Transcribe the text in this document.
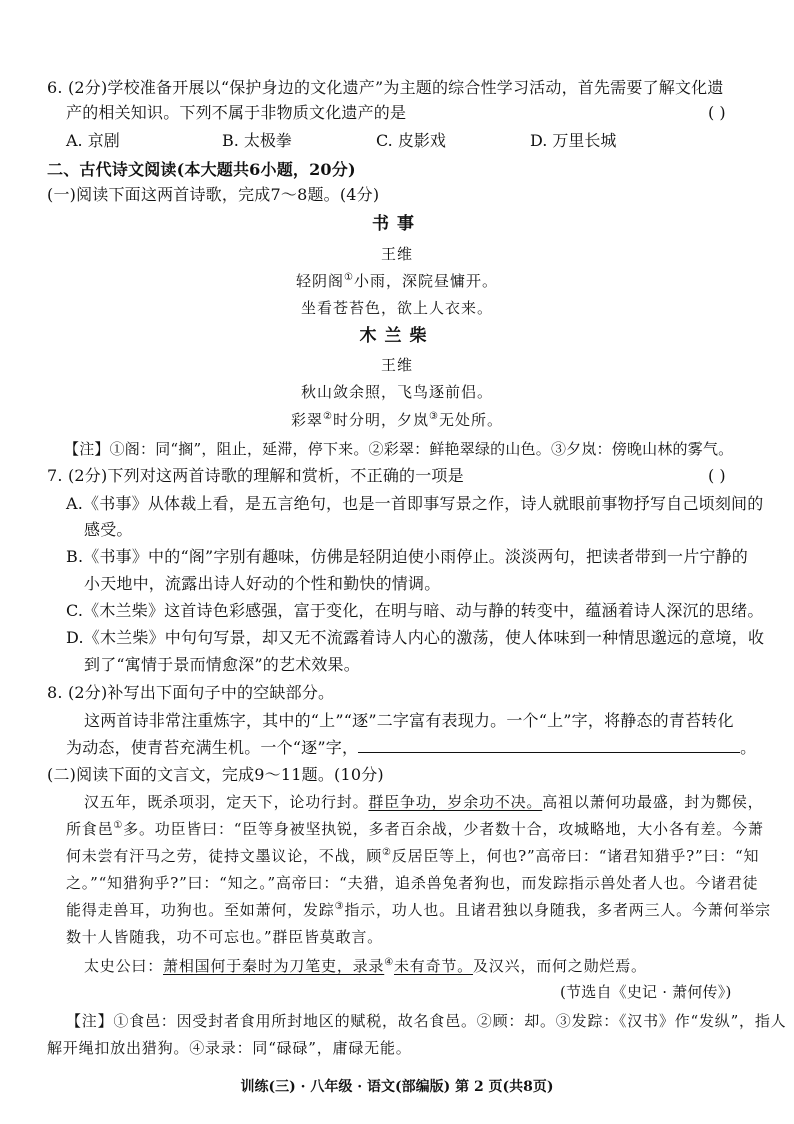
6. (2分)学校准备开展以“保护身边的文化遗产”为主题的综合性学习活动，首先需要了解文化遗
产的相关知识。下列不属于非物质文化遗产的是	( )
A. 京剧	B. 太极拳	C. 皮影戏	D. 万里长城
二、古代诗文阅读(本大题共6小题，20分)
(一)阅读下面这两首诗歌，完成7～8题。(4分)
书事
王维
轻阴阁①小雨，深院昼慵开。
坐看苍苔色，欲上人衣来。
木兰柴
王维
秋山敛余照，飞鸟逐前侣。
彩翠②时分明，夕岚③无处所。
【注】①阁：同“搁”，阻止，延滞，停下来。②彩翠：鲜艳翠绿的山色。③夕岚：傍晚山林的雾气。
7. (2分)下列对这两首诗歌的理解和赏析，不正确的一项是	( )
A.《书事》从体裁上看，是五言绝句，也是一首即事写景之作，诗人就眼前事物抒写自己顷刻间的
感受。
B.《书事》中的“阁”字别有趣味，仿佛是轻阴迫使小雨停止。淡淡两句，把读者带到一片宁静的
小天地中，流露出诗人好动的个性和勤快的情调。
C.《木兰柴》这首诗色彩感强，富于变化，在明与暗、动与静的转变中，蕴涵着诗人深沉的思绪。
D.《木兰柴》中句句写景，却又无不流露着诗人内心的激荡，使人体味到一种情思邈远的意境，收
到了“寓情于景而情愈深”的艺术效果。
8. (2分)补写出下面句子中的空缺部分。
这两首诗非常注重炼字，其中的“上”“逐”二字富有表现力。一个“上”字，将静态的青苔转化
为动态，使青苔充满生机。一个“逐”字，	。
(二)阅读下面的文言文，完成9～11题。(10分)
汉五年，既杀项羽，定天下，论功行封。群臣争功，岁余功不决。高祖以萧何功最盛，封为酂侯，
所食邑①多。功臣皆曰：“臣等身被坚执锐，多者百余战，少者数十合，攻城略地，大小各有差。今萧
何未尝有汗马之劳，徒持文墨议论，不战，顾②反居臣等上，何也?”高帝曰：“诸君知猎乎?”曰：“知
之。”“知猎狗乎?”曰：“知之。”高帝曰：“夫猎，追杀兽兔者狗也，而发踪指示兽处者人也。今诸君徒
能得走兽耳，功狗也。至如萧何，发踪③指示，功人也。且诸君独以身随我，多者两三人。今萧何举宗
数十人皆随我，功不可忘也。”群臣皆莫敢言。
太史公曰：萧相国何于秦时为刀笔吏，录录④未有奇节。及汉兴，而何之勋烂焉。
(节选自《史记 · 萧何传》)
【注】①食邑：因受封者食用所封地区的赋税，故名食邑。②顾：却。③发踪：《汉书》作“发纵”，指人
解开绳扣放出猎狗。④录录：同“碌碌”，庸碌无能。
训练(三) · 八年级 · 语文(部编版) 第 2 页(共8页)
